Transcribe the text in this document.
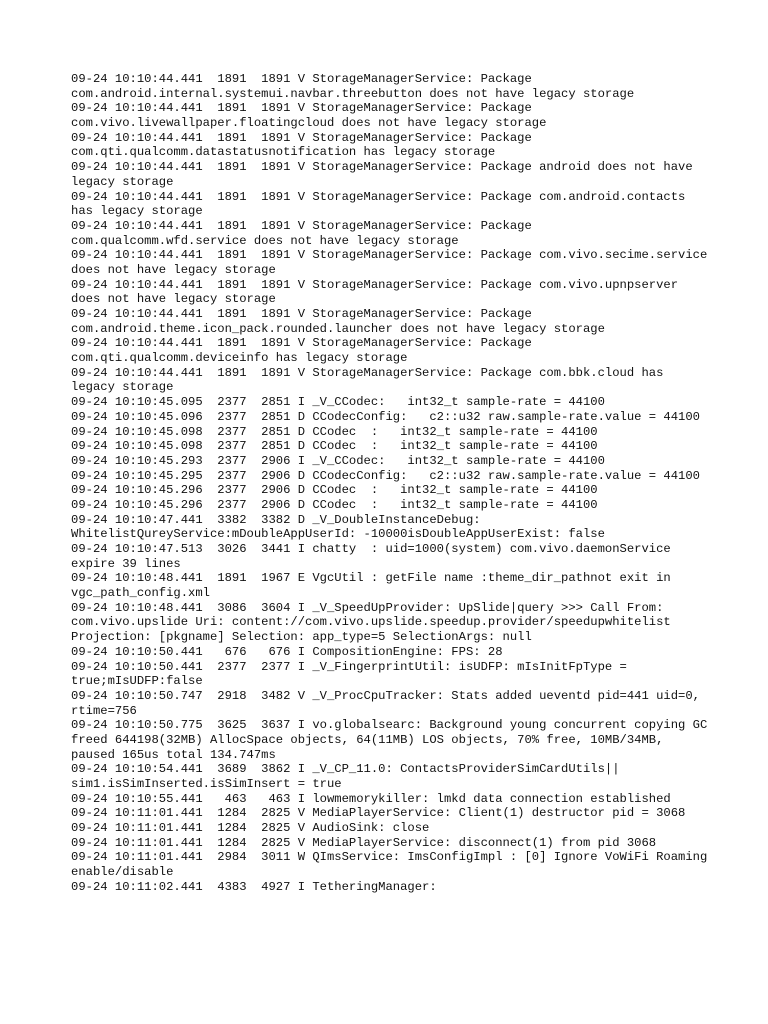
09-24 10:10:44.441  1891  1891 V StorageManagerService: Package com.android.internal.systemui.navbar.threebutton does not have legacy storage
09-24 10:10:44.441  1891  1891 V StorageManagerService: Package com.vivo.livewallpaper.floatingcloud does not have legacy storage
09-24 10:10:44.441  1891  1891 V StorageManagerService: Package com.qti.qualcomm.datastatusnotification has legacy storage
09-24 10:10:44.441  1891  1891 V StorageManagerService: Package android does not have legacy storage
09-24 10:10:44.441  1891  1891 V StorageManagerService: Package com.android.contacts has legacy storage
09-24 10:10:44.441  1891  1891 V StorageManagerService: Package com.qualcomm.wfd.service does not have legacy storage
09-24 10:10:44.441  1891  1891 V StorageManagerService: Package com.vivo.secime.service does not have legacy storage
09-24 10:10:44.441  1891  1891 V StorageManagerService: Package com.vivo.upnpserver does not have legacy storage
09-24 10:10:44.441  1891  1891 V StorageManagerService: Package com.android.theme.icon_pack.rounded.launcher does not have legacy storage
09-24 10:10:44.441  1891  1891 V StorageManagerService: Package com.qti.qualcomm.deviceinfo has legacy storage
09-24 10:10:44.441  1891  1891 V StorageManagerService: Package com.bbk.cloud has legacy storage
09-24 10:10:45.095  2377  2851 I _V_CCodec:   int32_t sample-rate = 44100
09-24 10:10:45.096  2377  2851 D CCodecConfig:   c2::u32 raw.sample-rate.value = 44100
09-24 10:10:45.098  2377  2851 D CCodec  :   int32_t sample-rate = 44100
09-24 10:10:45.098  2377  2851 D CCodec  :   int32_t sample-rate = 44100
09-24 10:10:45.293  2377  2906 I _V_CCodec:   int32_t sample-rate = 44100
09-24 10:10:45.295  2377  2906 D CCodecConfig:   c2::u32 raw.sample-rate.value = 44100
09-24 10:10:45.296  2377  2906 D CCodec  :   int32_t sample-rate = 44100
09-24 10:10:45.296  2377  2906 D CCodec  :   int32_t sample-rate = 44100
09-24 10:10:47.441  3382  3382 D _V_DoubleInstanceDebug: WhitelistQureyService:mDoubleAppUserId: -10000isDoubleAppUserExist: false
09-24 10:10:47.513  3026  3441 I chatty  : uid=1000(system) com.vivo.daemonService expire 39 lines
09-24 10:10:48.441  1891  1967 E VgcUtil : getFile name :theme_dir_pathnot exit in vgc_path_config.xml
09-24 10:10:48.441  3086  3604 I _V_SpeedUpProvider: UpSlide|query >>> Call From: com.vivo.upslide Uri: content://com.vivo.upslide.speedup.provider/speedupwhitelist Projection: [pkgname] Selection: app_type=5 SelectionArgs: null
09-24 10:10:50.441   676   676 I CompositionEngine: FPS: 28
09-24 10:10:50.441  2377  2377 I _V_FingerprintUtil: isUDFP: mIsInitFpType = true;mIsUDFP:false
09-24 10:10:50.747  2918  3482 V _V_ProcCpuTracker: Stats added ueventd pid=441 uid=0, rtime=756
09-24 10:10:50.775  3625  3637 I vo.globalsearc: Background young concurrent copying GC freed 644198(32MB) AllocSpace objects, 64(11MB) LOS objects, 70% free, 10MB/34MB, paused 165us total 134.747ms
09-24 10:10:54.441  3689  3862 I _V_CP_11.0: ContactsProviderSimCardUtils|| sim1.isSimInserted.isSimInsert = true
09-24 10:10:55.441   463   463 I lowmemorykiller: lmkd data connection established
09-24 10:11:01.441  1284  2825 V MediaPlayerService: Client(1) destructor pid = 3068
09-24 10:11:01.441  1284  2825 V AudioSink: close
09-24 10:11:01.441  1284  2825 V MediaPlayerService: disconnect(1) from pid 3068
09-24 10:11:01.441  2984  3011 W QImsService: ImsConfigImpl : [0] Ignore VoWiFi Roaming enable/disable
09-24 10:11:02.441  4383  4927 I TetheringManager:
